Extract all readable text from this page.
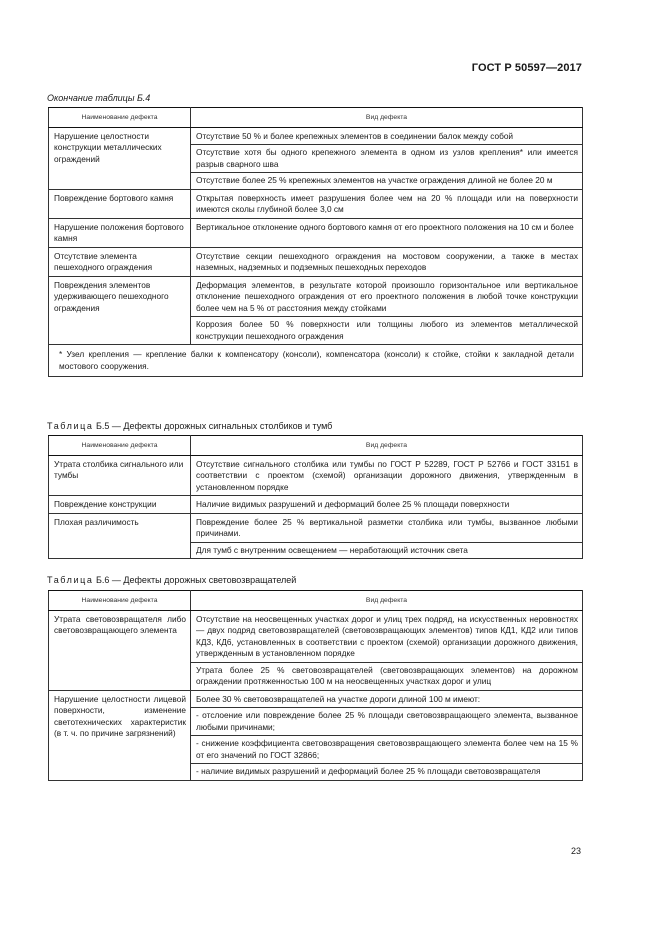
ГОСТ Р 50597—2017
Окончание таблицы Б.4
Наименование дефекта	Вид дефекта
Нарушение целостности конструкции металлических ограждений	Отсутствие 50 % и более крепежных элементов в соединении балок между собой
Отсутствие хотя бы одного крепежного элемента в одном из узлов крепления* или имеется разрыв сварного шва
Отсутствие более 25 % крепежных элементов на участке ограждения длиной не более 20 м

Повреждение бортового камня	Открытая поверхность имеет разрушения более чем на 20 % площади или на поверхности имеются сколы глубиной более 3,0 см

Нарушение положения бортового камня	Вертикальное отклонение одного бортового камня от его проектного положения на 10 см и более

Отсутствие элемента пешеходного ограждения	Отсутствие секции пешеходного ограждения на мостовом сооружении, а также в местах наземных, надземных и подземных пешеходных переходов

Повреждения элементов удерживающего пешеходного ограждения	Деформация элементов, в результате которой произошло горизонтальное или вертикальное отклонение пешеходного ограждения от его проектного положения в любой точке конструкции более чем на 5 % от расстояния между стойками
Коррозия более 50 % поверхности или толщины любого из элементов металлической конструкции пешеходного ограждения

* Узел крепления — крепление балки к компенсатору (консоли), компенсатора (консоли) к стойке, стойки к закладной детали мостового сооружения.	
Таблица Б.5 — Дефекты дорожных сигнальных столбиков и тумб
Наименование дефекта	Вид дефекта
Утрата столбика сигнального или тумбы	Отсутствие сигнального столбика или тумбы по ГОСТ Р 52289, ГОСТ Р 52766 и ГОСТ 33151 в соответствии с проектом (схемой) организации дорожного движения, утвержденным в установленном порядке

Повреждение конструкции	Наличие видимых разрушений и деформаций более 25 % площади поверхности

Плохая различимость	Повреждение более 25 % вертикальной разметки столбика или тумбы, вызванное любыми причинами.
Для тумб с внутренним освещением — неработающий источник света
Таблица Б.6 — Дефекты дорожных световозвращателей
Наименование дефекта	Вид дефекта
Утрата световозвращателя либо световозвращающего элемента	Отсутствие на неосвещенных участках дорог и улиц трех подряд, на искусственных неровностях — двух подряд световозвращателей (световозвращающих элементов) типов КД1, КД2 или типов КД3, КД6, установленных в соответствии с проектом (схемой) организации дорожного движения, утвержденным в установленном порядке
Утрата более 25 % световозвращателей (световозвращающих элементов) на дорожном ограждении протяженностью 100 м на неосвещенных участках дорог и улиц

Нарушение целостности лицевой поверхности, изменение светотехнических характеристик (в т. ч. по причине загрязнений)	Более 30 % световозвращателей на участке дороги длиной 100 м имеют:
- отслоение или повреждение более 25 % площади световозвращающего элемента, вызванное любыми причинами;
- снижение коэффициента световозвращения световозвращающего элемента более чем на 15 % от его значений по ГОСТ 32866;
- наличие видимых разрушений и деформаций более 25 % площади световозвращателя
23
